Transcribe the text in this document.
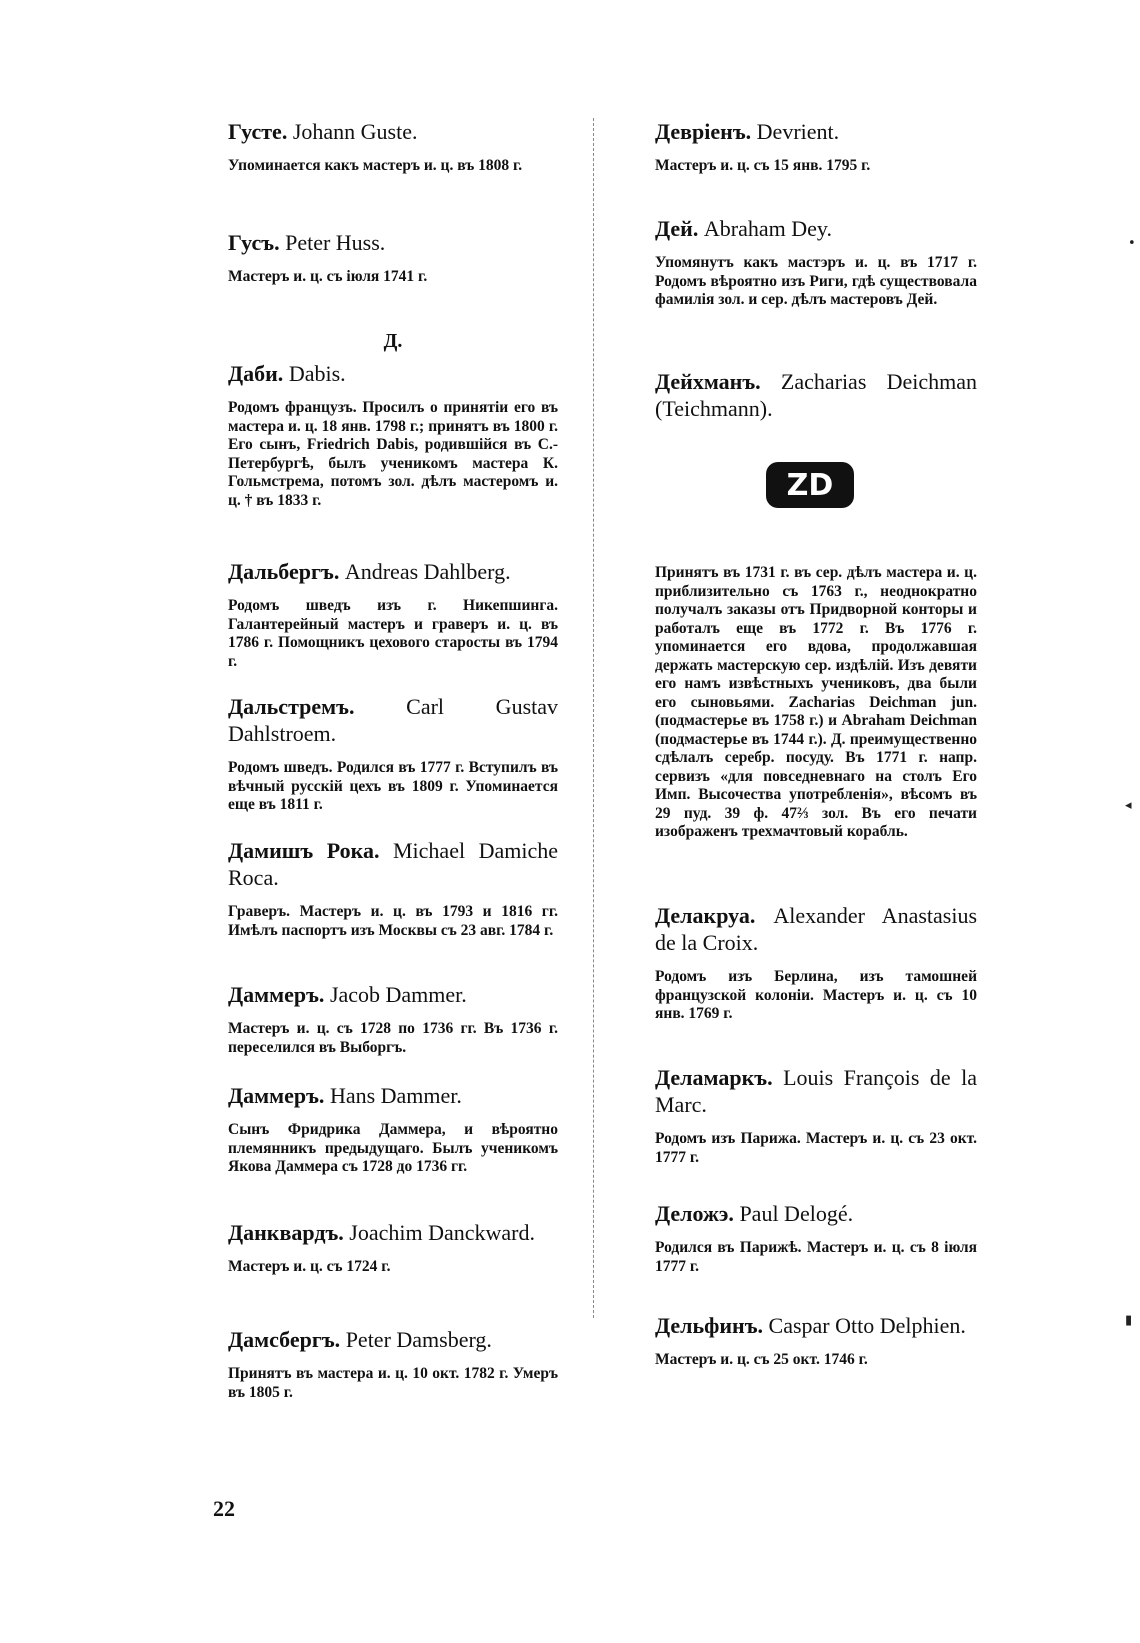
Густе. Johann Guste.
Упоминается какъ мастеръ и. ц. въ 1808 г.
Гусъ. Peter Huss.
Мастеръ и. ц. съ іюля 1741 г.
Д.
Даби. Dabis.
Родомъ французъ. Просилъ о принятіи его въ мастера и. ц. 18 янв. 1798 г.; принятъ въ 1800 г. Его сынъ, Friedrich Dabis, родившійся въ С.-Петербургѣ, былъ ученикомъ мастера К. Гольмстрема, потомъ зол. дѣлъ мастеромъ и. ц. † въ 1833 г.
Дальбергъ. Andreas Dahlberg.
Родомъ шведъ изъ г. Никепшинга. Галантерейный мастеръ и граверъ и. ц. въ 1786 г. Помощникъ цехового старосты въ 1794 г.
Дальстремъ. Carl Gustav Dahlstroem.
Родомъ шведъ. Родился въ 1777 г. Вступилъ въ вѣчный русскій цехъ въ 1809 г. Упоминается еще въ 1811 г.
Дамишъ Рока. Michael Damiche Roca.
Граверъ. Мастеръ и. ц. въ 1793 и 1816 гг. Имѣлъ паспортъ изъ Москвы съ 23 авг. 1784 г.
Даммеръ. Jacob Dammer.
Мастеръ и. ц. съ 1728 по 1736 гг. Въ 1736 г. переселился въ Выборгъ.
Даммеръ. Hans Dammer.
Сынъ Фридрика Даммера, и вѣроятно племянникъ предыдущаго. Былъ ученикомъ Якова Даммера съ 1728 до 1736 гг.
Данквардъ. Joachim Danckward.
Мастеръ и. ц. съ 1724 г.
Дамсбергъ. Peter Damsberg.
Принятъ въ мастера и. ц. 10 окт. 1782 г. Умеръ въ 1805 г.
Девріенъ. Devrient.
Мастеръ и. ц. съ 15 янв. 1795 г.
Дей. Abraham Dey.
Упомянутъ какъ мастэръ и. ц. въ 1717 г. Родомъ вѣроятно изъ Риги, гдѣ существовала фамилія зол. и сер. дѣлъ мастеровъ Дей.
Дейхманъ. Zacharias Deichman (Teichmann).
ZD
Принятъ въ 1731 г. въ сер. дѣлъ мастера и. ц. приблизительно съ 1763 г., неоднократно получалъ заказы отъ Придворной конторы и работалъ еще въ 1772 г. Въ 1776 г. упоминается его вдова, продолжавшая держать мастерскую сер. издѣлій. Изъ девяти его намъ извѣстныхъ учениковъ, два были его сыновьями. Zacharias Deichman jun. (подмастерье въ 1758 г.) и Abraham Deichman (подмастерье въ 1744 г.). Д. преимущественно сдѣлалъ серебр. посуду. Въ 1771 г. напр. сервизъ «для повседневнаго на столъ Его Имп. Высочества употребленія», вѣсомъ въ 29 пуд. 39 ф. 47⅔ зол. Въ его печати изображенъ трехмачтовый корабль.
Делакруа. Alexander Anastasius de la Croix.
Родомъ изъ Берлина, изъ тамошней французской колоніи. Мастеръ и. ц. съ 10 янв. 1769 г.
Деламаркъ. Louis François de la Marc.
Родомъ изъ Парижа. Мастеръ и. ц. съ 23 окт. 1777 г.
Деложэ. Paul Delogé.
Родился въ Парижѣ. Мастеръ и. ц. съ 8 іюля 1777 г.
Дельфинъ. Caspar Otto Delphien.
Мастеръ и. ц. съ 25 окт. 1746 г.
22
•
◂
▮
